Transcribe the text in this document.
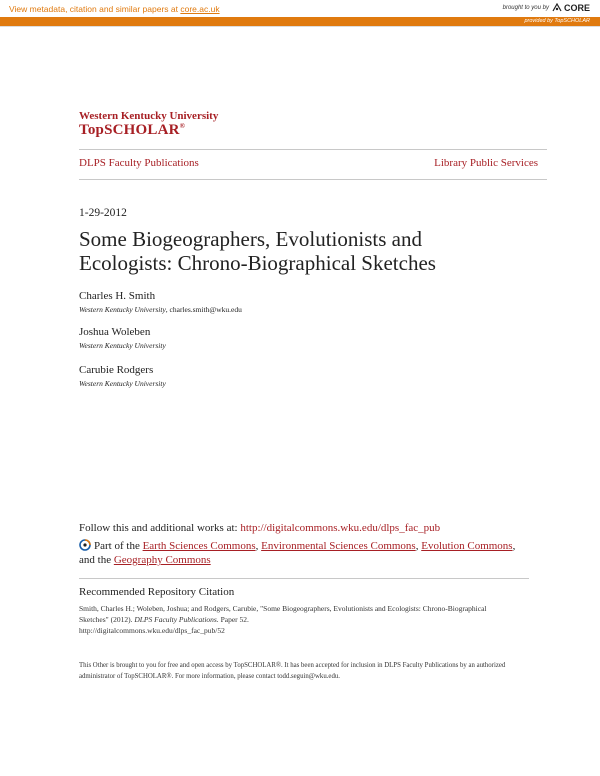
View metadata, citation and similar papers at core.ac.uk	brought to you by CORE
provided by TopSCHOLAR
Western Kentucky University
TopSCHOLAR®
DLPS Faculty Publications	Library Public Services
1-29-2012
Some Biogeographers, Evolutionists and Ecologists: Chrono-Biographical Sketches
Charles H. Smith
Western Kentucky University, charles.smith@wku.edu
Joshua Woleben
Western Kentucky University
Carubie Rodgers
Western Kentucky University
Follow this and additional works at: http://digitalcommons.wku.edu/dlps_fac_pub
Part of the Earth Sciences Commons, Environmental Sciences Commons, Evolution Commons, and the Geography Commons
Recommended Repository Citation
Smith, Charles H.; Woleben, Joshua; and Rodgers, Carubie, "Some Biogeographers, Evolutionists and Ecologists: Chrono-Biographical Sketches" (2012). DLPS Faculty Publications. Paper 52.
http://digitalcommons.wku.edu/dlps_fac_pub/52
This Other is brought to you for free and open access by TopSCHOLAR®. It has been accepted for inclusion in DLPS Faculty Publications by an authorized administrator of TopSCHOLAR®. For more information, please contact todd.seguin@wku.edu.
